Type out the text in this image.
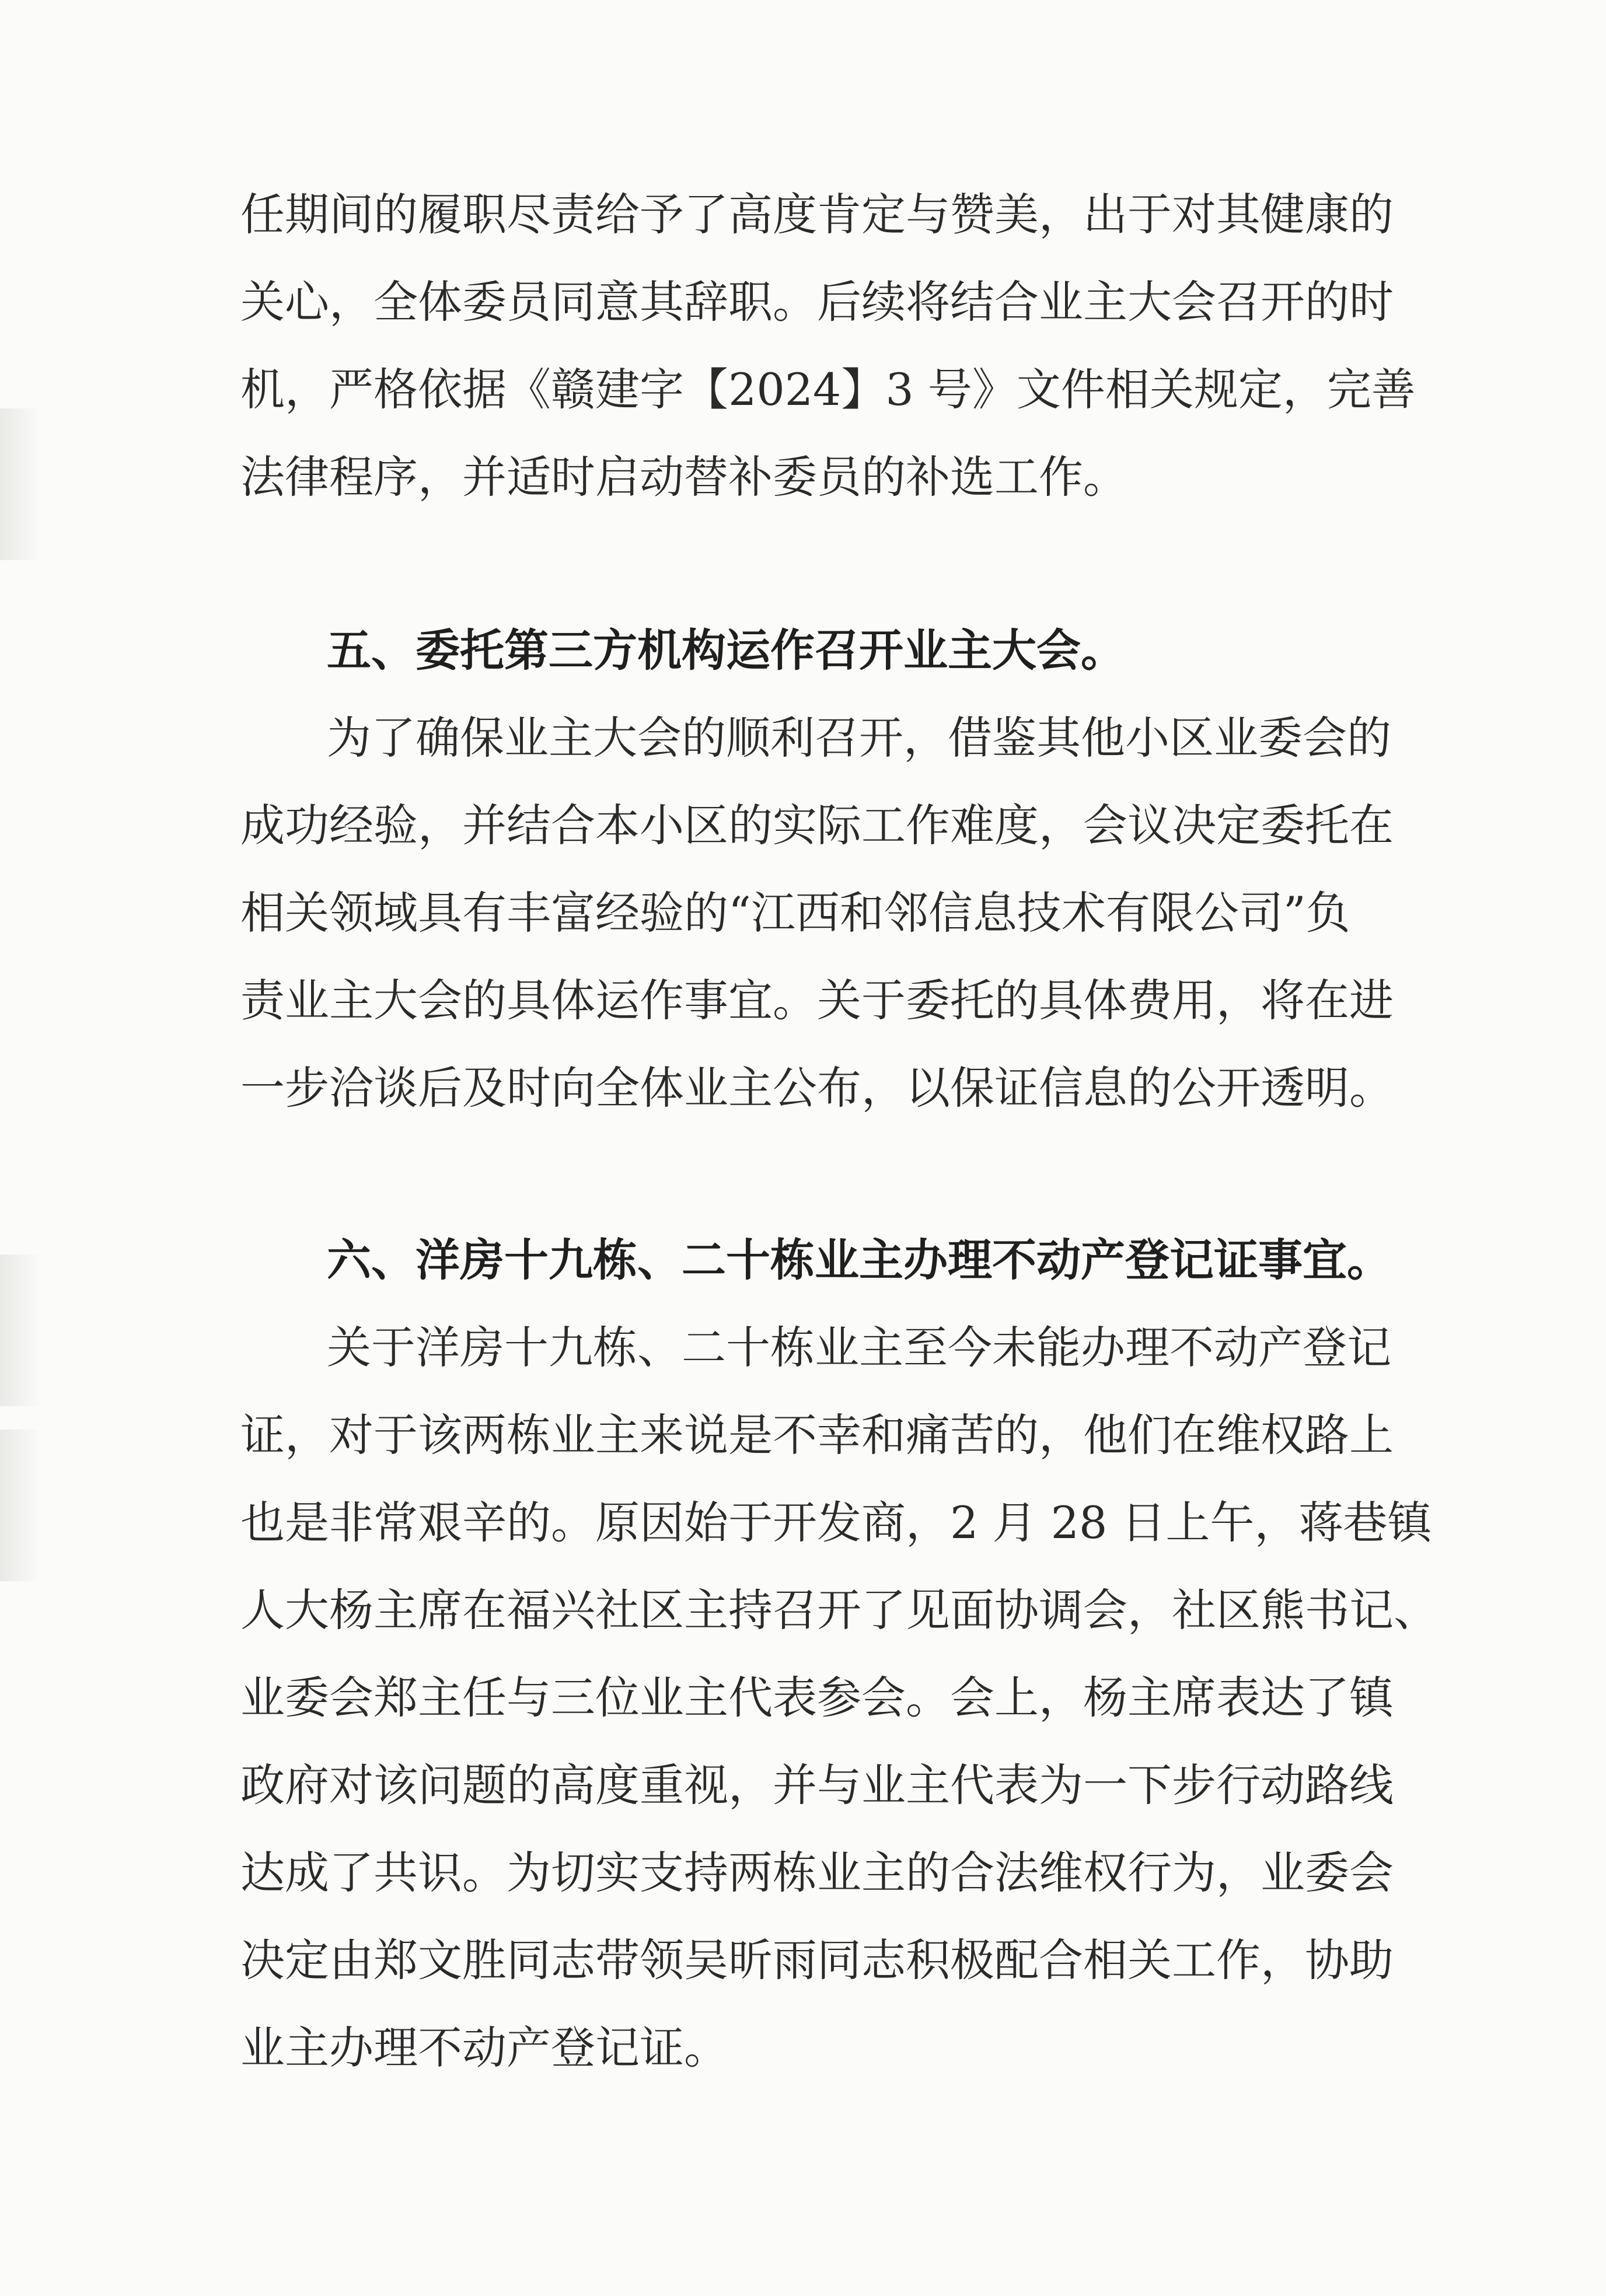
任期间的履职尽责给予了高度肯定与赞美，出于对其健康的
关心，全体委员同意其辞职。后续将结合业主大会召开的时
机，严格依据《赣建字【2024】3 号》文件相关规定，完善
法律程序，并适时启动替补委员的补选工作。
五、委托第三方机构运作召开业主大会。
为了确保业主大会的顺利召开，借鉴其他小区业委会的
成功经验，并结合本小区的实际工作难度，会议决定委托在
相关领域具有丰富经验的“江西和邻信息技术有限公司”负
责业主大会的具体运作事宜。关于委托的具体费用，将在进
一步洽谈后及时向全体业主公布，以保证信息的公开透明。
六、洋房十九栋、二十栋业主办理不动产登记证事宜。
关于洋房十九栋、二十栋业主至今未能办理不动产登记
证，对于该两栋业主来说是不幸和痛苦的，他们在维权路上
也是非常艰辛的。原因始于开发商，2 月 28 日上午，蒋巷镇
人大杨主席在福兴社区主持召开了见面协调会，社区熊书记、
业委会郑主任与三位业主代表参会。会上，杨主席表达了镇
政府对该问题的高度重视，并与业主代表为一下步行动路线
达成了共识。为切实支持两栋业主的合法维权行为，业委会
决定由郑文胜同志带领吴昕雨同志积极配合相关工作，协助
业主办理不动产登记证。
